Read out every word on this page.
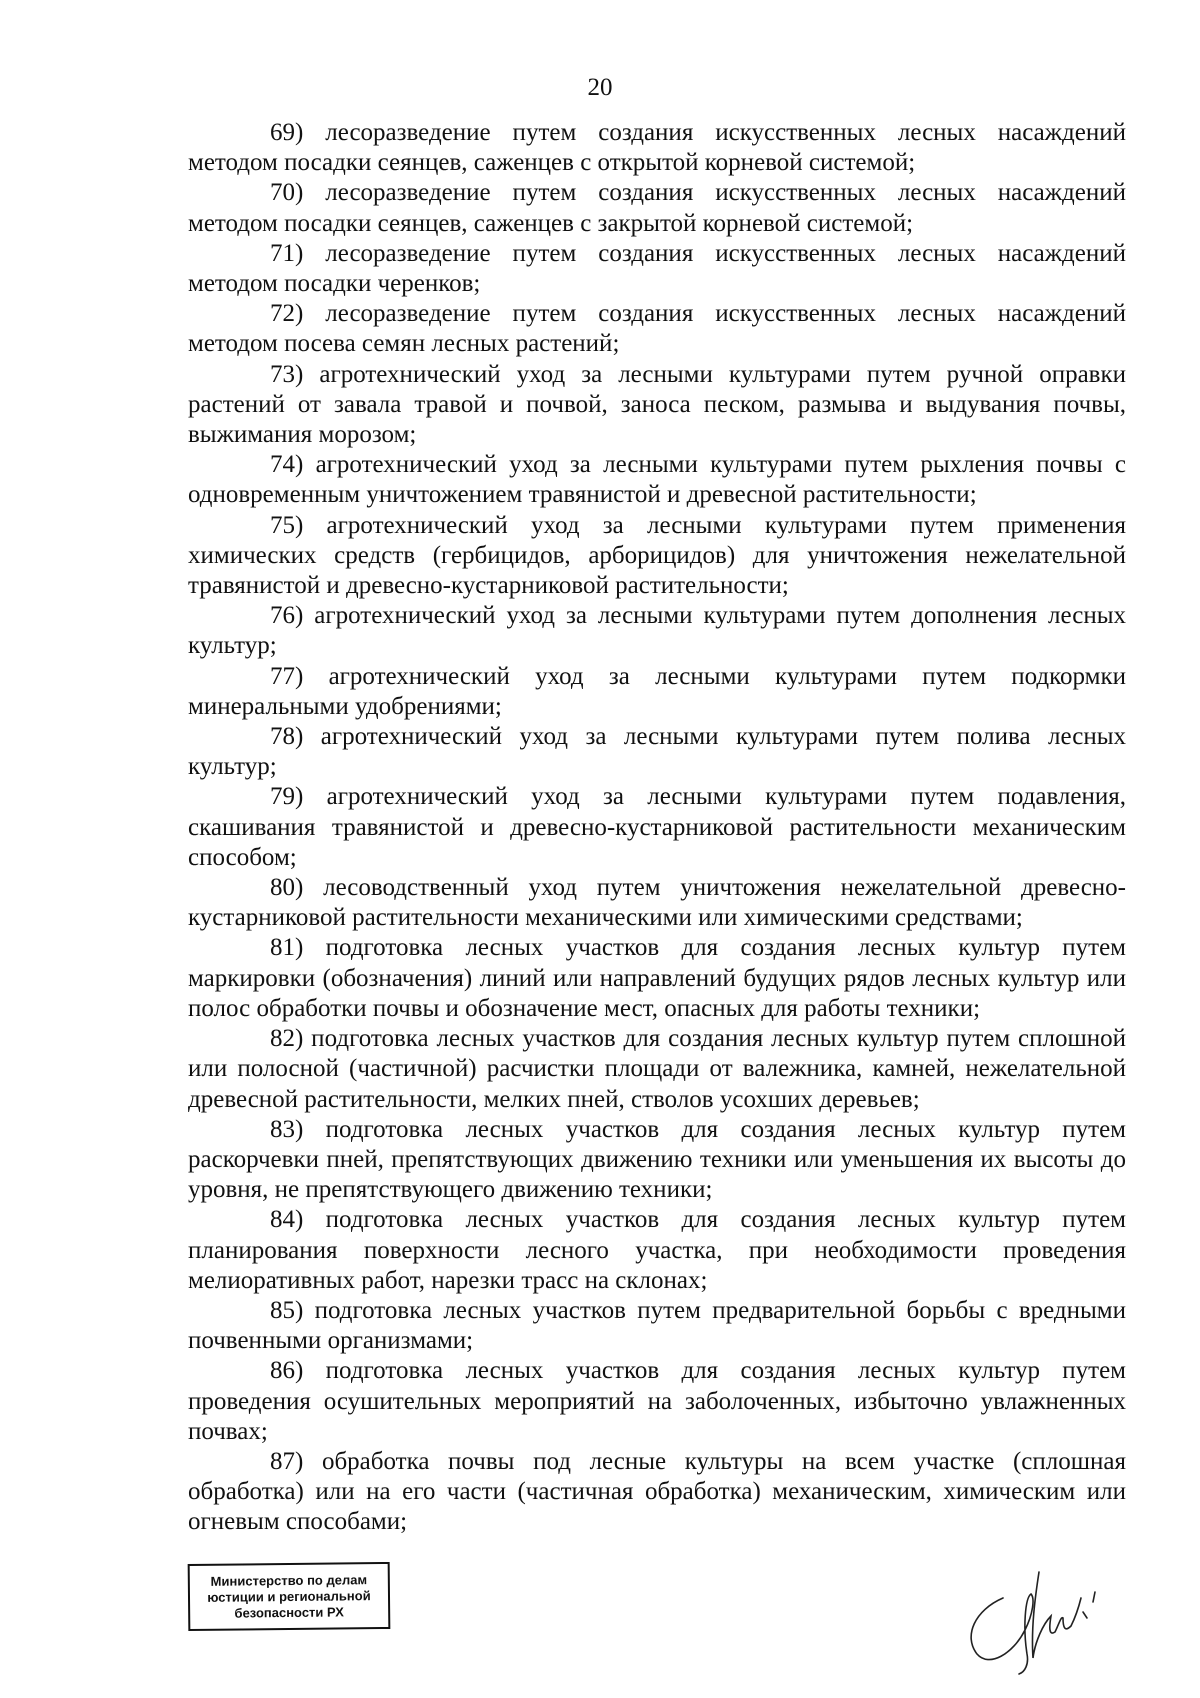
20

69) лесоразведение путем создания искусственных лесных насаждений методом посадки сеянцев, саженцев с открытой корневой системой;

70) лесоразведение путем создания искусственных лесных насаждений методом посадки сеянцев, саженцев с закрытой корневой системой;

71) лесоразведение путем создания искусственных лесных насаждений методом посадки черенков;

72) лесоразведение путем создания искусственных лесных насаждений методом посева семян лесных растений;

73) агротехнический уход за лесными культурами путем ручной оправки растений от завала травой и почвой, заноса песком, размыва и выдувания почвы, выжимания морозом;

74) агротехнический уход за лесными культурами путем рыхления почвы с одновременным уничтожением травянистой и древесной растительности;

75) агротехнический уход за лесными культурами путем применения химических средств (гербицидов, арборицидов) для уничтожения нежелательной травянистой и древесно-кустарниковой растительности;

76) агротехнический уход за лесными культурами путем дополнения лесных культур;

77) агротехнический уход за лесными культурами путем подкормки минеральными удобрениями;

78) агротехнический уход за лесными культурами путем полива лесных культур;

79) агротехнический уход за лесными культурами путем подавления, скашивания травянистой и древесно-кустарниковой растительности механическим способом;

80) лесоводственный уход путем уничтожения нежелательной древесно-кустарниковой растительности механическими или химическими средствами;

81) подготовка лесных участков для создания лесных культур путем маркировки (обозначения) линий или направлений будущих рядов лесных культур или полос обработки почвы и обозначение мест, опасных для работы техники;

82) подготовка лесных участков для создания лесных культур путем сплошной или полосной (частичной) расчистки площади от валежника, камней, нежелательной древесной растительности, мелких пней, стволов усохших деревьев;

83) подготовка лесных участков для создания лесных культур путем раскорчевки пней, препятствующих движению техники или уменьшения их высоты до уровня, не препятствующего движению техники;

84) подготовка лесных участков для создания лесных культур путем планирования поверхности лесного участка, при необходимости проведения мелиоративных работ, нарезки трасс на склонах;

85) подготовка лесных участков путем предварительной борьбы с вредными почвенными организмами;

86) подготовка лесных участков для создания лесных культур путем проведения осушительных мероприятий на заболоченных, избыточно увлажненных почвах;

87) обработка почвы под лесные культуры на всем участке (сплошная обработка) или на его части (частичная обработка) механическим, химическим или огневым способами;

Министерство по делам
юстиции и региональной
безопасности РХ
